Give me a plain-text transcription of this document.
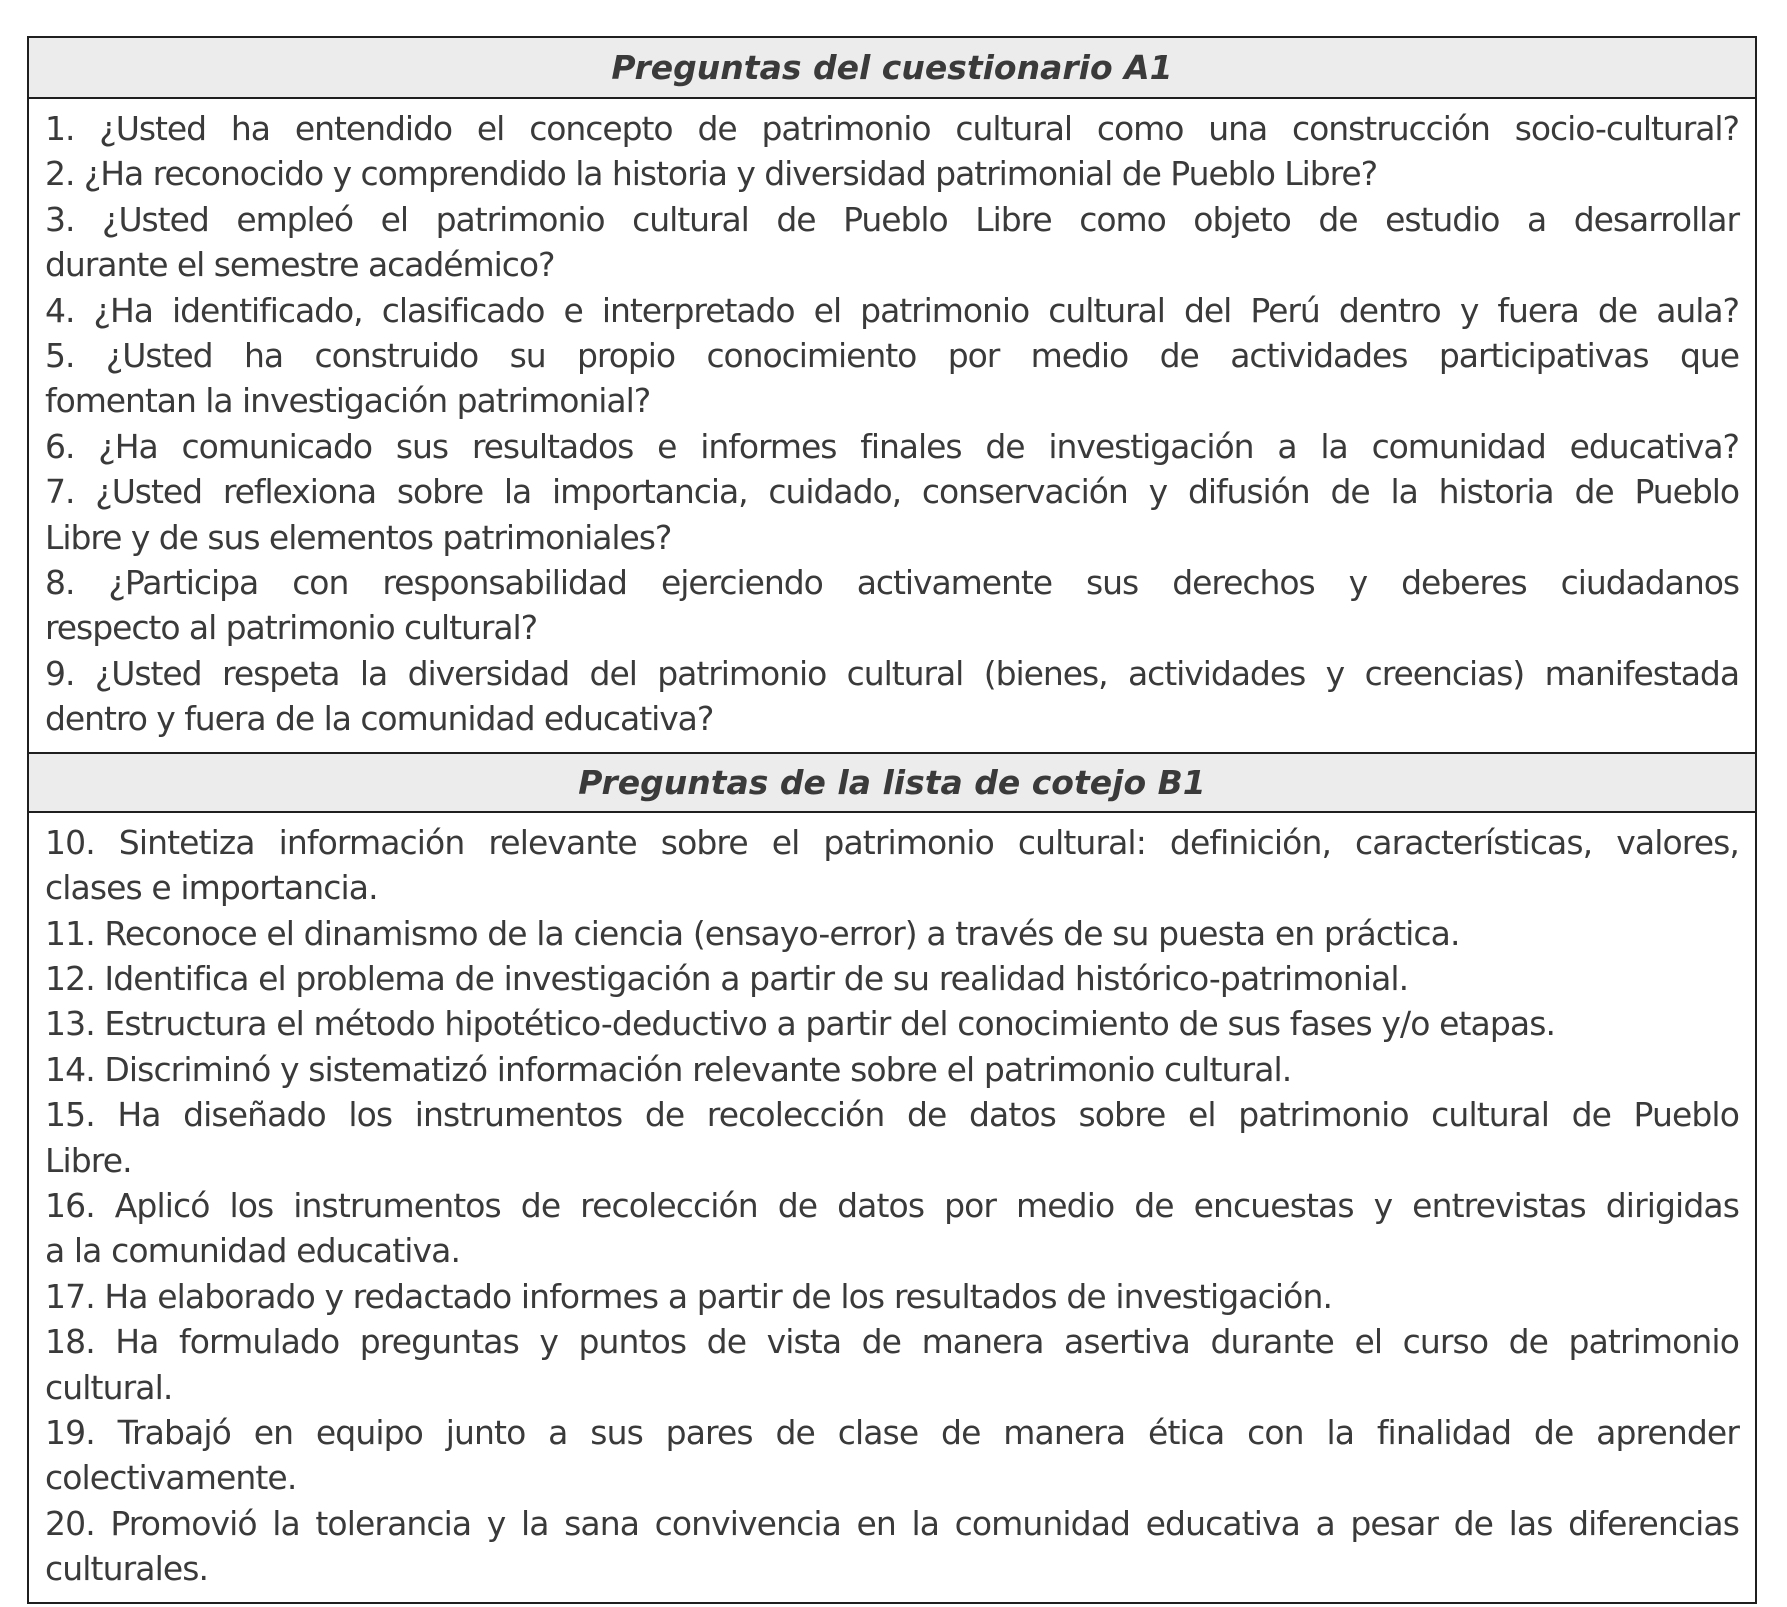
Preguntas del cuestionario A1
1. ¿Usted ha entendido el concepto de patrimonio cultural como una construcción socio-cultural?
2. ¿Ha reconocido y comprendido la historia y diversidad patrimonial de Pueblo Libre?
3. ¿Usted empleó el patrimonio cultural de Pueblo Libre como objeto de estudio a desarrollar
durante el semestre académico?
4. ¿Ha identificado, clasificado e interpretado el patrimonio cultural del Perú dentro y fuera de aula?
5. ¿Usted ha construido su propio conocimiento por medio de actividades participativas que
fomentan la investigación patrimonial?
6. ¿Ha comunicado sus resultados e informes finales de investigación a la comunidad educativa?
7. ¿Usted reflexiona sobre la importancia, cuidado, conservación y difusión de la historia de Pueblo
Libre y de sus elementos patrimoniales?
8. ¿Participa con responsabilidad ejerciendo activamente sus derechos y deberes ciudadanos
respecto al patrimonio cultural?
9. ¿Usted respeta la diversidad del patrimonio cultural (bienes, actividades y creencias) manifestada
dentro y fuera de la comunidad educativa?
Preguntas de la lista de cotejo B1
10. Sintetiza información relevante sobre el patrimonio cultural: definición, características, valores,
clases e importancia.
11. Reconoce el dinamismo de la ciencia (ensayo-error) a través de su puesta en práctica.
12. Identifica el problema de investigación a partir de su realidad histórico-patrimonial.
13. Estructura el método hipotético-deductivo a partir del conocimiento de sus fases y/o etapas.
14. Discriminó y sistematizó información relevante sobre el patrimonio cultural.
15. Ha diseñado los instrumentos de recolección de datos sobre el patrimonio cultural de Pueblo
Libre.
16. Aplicó los instrumentos de recolección de datos por medio de encuestas y entrevistas dirigidas
a la comunidad educativa.
17. Ha elaborado y redactado informes a partir de los resultados de investigación.
18. Ha formulado preguntas y puntos de vista de manera asertiva durante el curso de patrimonio
cultural.
19. Trabajó en equipo junto a sus pares de clase de manera ética con la finalidad de aprender
colectivamente.
20. Promovió la tolerancia y la sana convivencia en la comunidad educativa a pesar de las diferencias
culturales.
